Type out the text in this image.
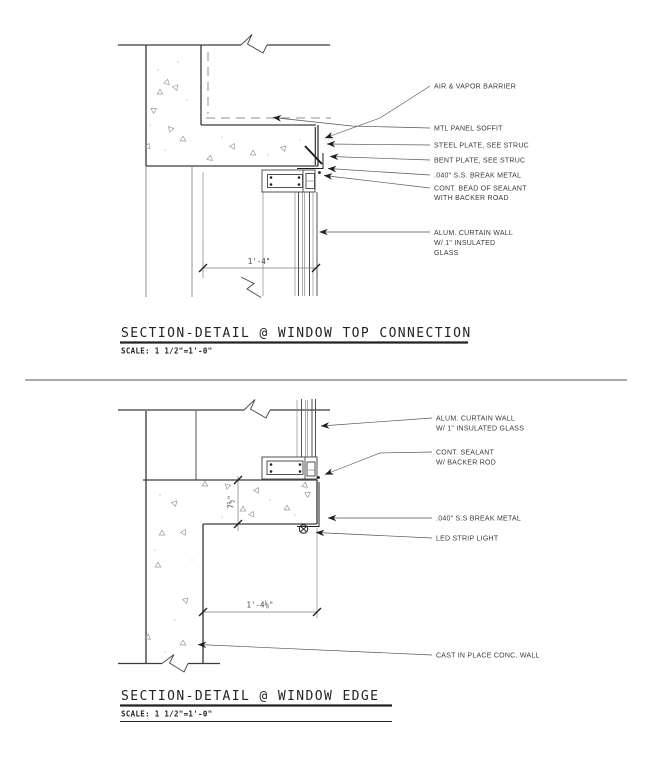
1'-4"
AIR & VAPOR BARRIER
MTL PANEL SOFFIT
STEEL PLATE, SEE STRUC
BENT PLATE, SEE STRUC
.040" S.S. BREAK METAL
CONT. BEAD OF SEALANT
WITH BACKER ROAD
ALUM. CURTAIN WALL
W/ 1" INSULATED
GLASS
SECTION-DETAIL @ WINDOW TOP CONNECTION
SCALE: 1 1/2"=1'-0"
7½"
1'-4⅛"
ALUM. CURTAIN WALL
W/ 1" INSULATED GLASS
CONT. SEALANT
W/ BACKER ROD
.040" S.S BREAK METAL
LED STRIP LIGHT
CAST IN PLACE CONC. WALL
SECTION-DETAIL @ WINDOW EDGE
SCALE: 1 1/2"=1'-0"
